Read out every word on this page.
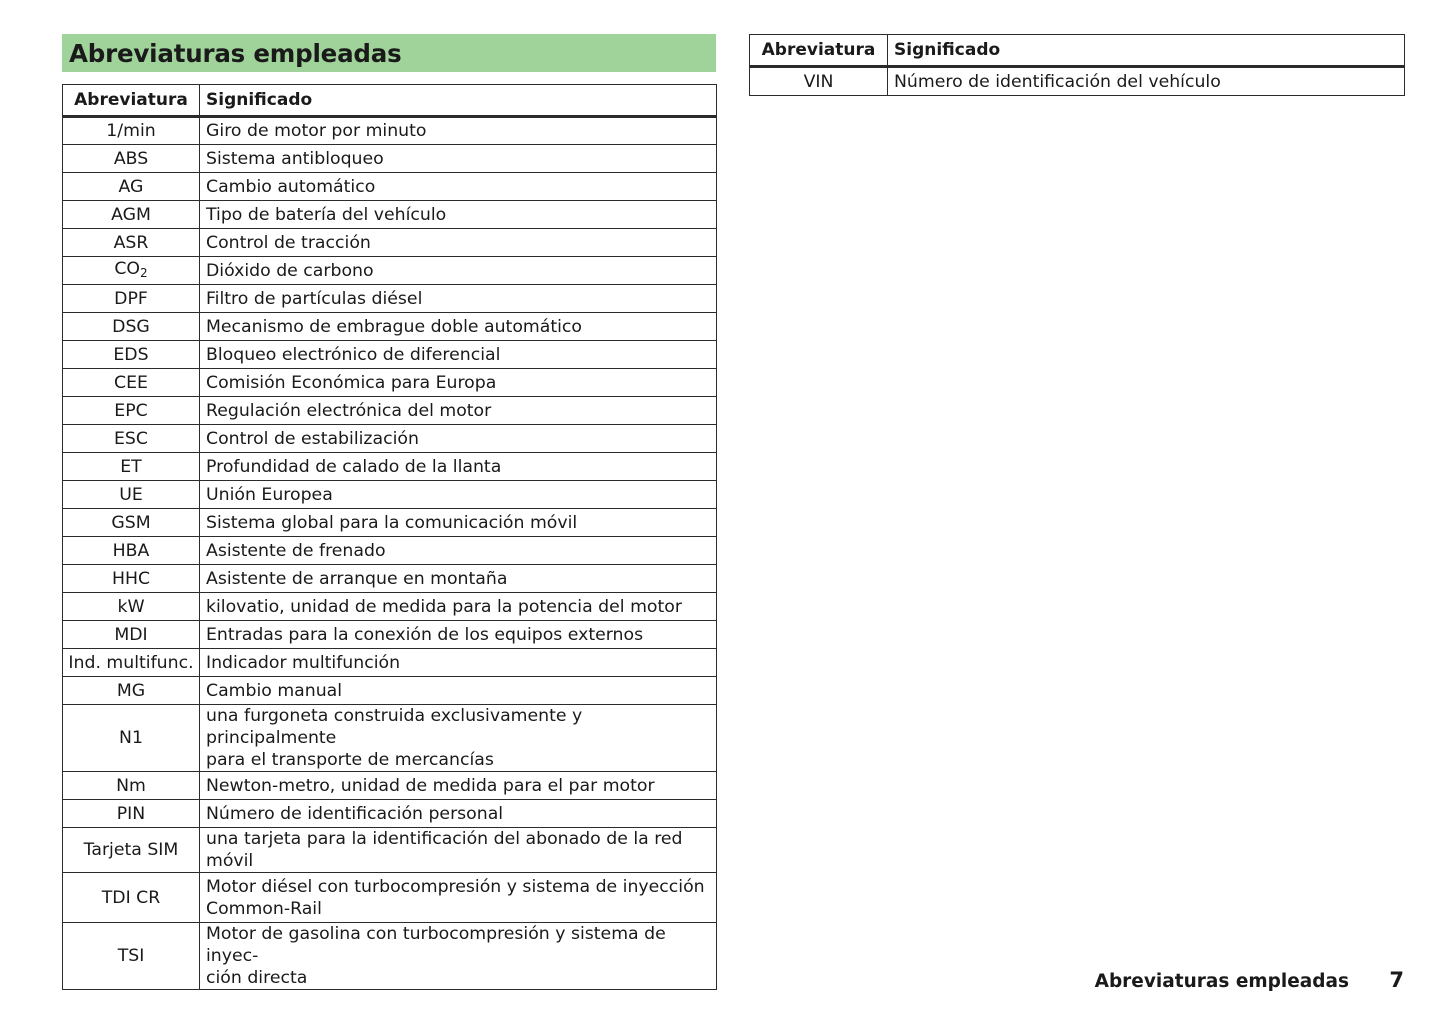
Abreviaturas empleadas
Abreviatura	Significado
1/min	Giro de motor por minuto
ABS	Sistema antibloqueo
AG	Cambio automático
AGM	Tipo de batería del vehículo
ASR	Control de tracción
$CO_2$	Dióxido de carbono
DPF	Filtro de partículas diésel
DSG	Mecanismo de embrague doble automático
EDS	Bloqueo electrónico de diferencial
CEE	Comisión Económica para Europa
EPC	Regulación electrónica del motor
ESC	Control de estabilización
ET	Profundidad de calado de la llanta
UE	Unión Europea
GSM	Sistema global para la comunicación móvil
HBA	Asistente de frenado
HHC	Asistente de arranque en montaña
kW	kilovatio, unidad de medida para la potencia del motor
MDI	Entradas para la conexión de los equipos externos
Ind. multifunc.	Indicador multifunción
MG	Cambio manual
N1	una furgoneta construida exclusivamente y principalmente
para el transporte de mercancías

Nm	Newton-metro, unidad de medida para el par motor
PIN	Número de identificación personal
Tarjeta SIM	una tarjeta para la identificación del abonado de la red móvil
TDI CR	Motor diésel con turbocompresión y sistema de inyección
Common-Rail

TSI	Motor de gasolina con turbocompresión y sistema de inyec-
ción directa
Abreviatura	Significado
VIN	Número de identificación del vehículo
Abreviaturas empleadas 7
